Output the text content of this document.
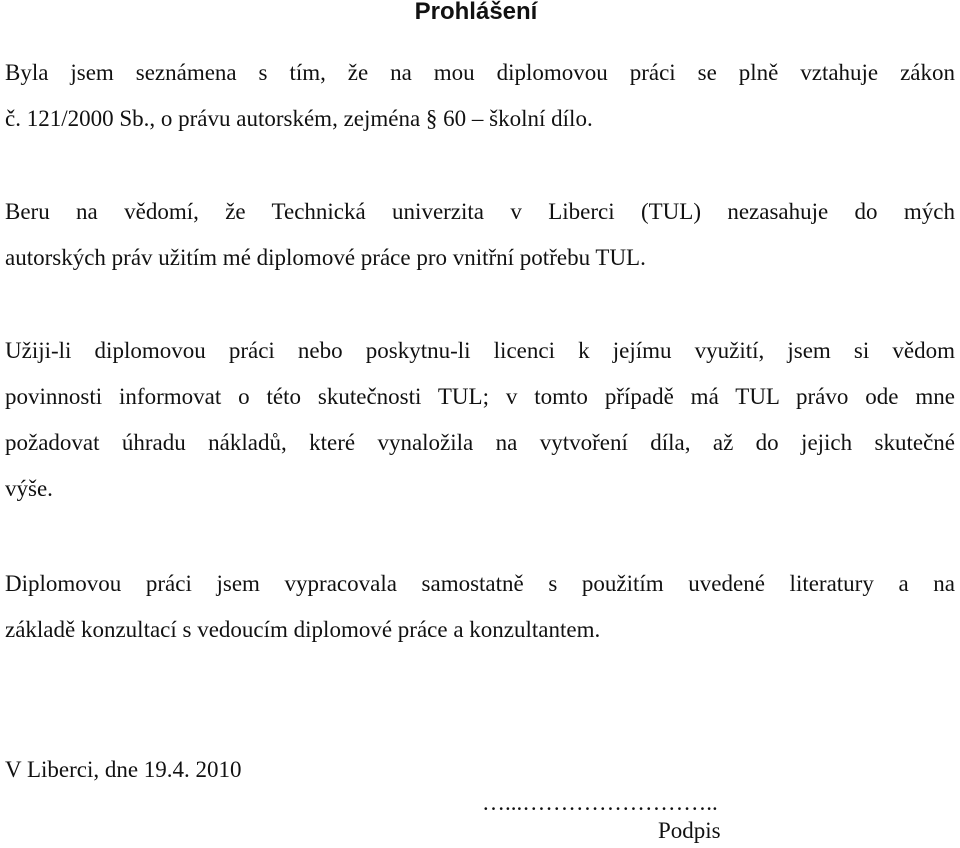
Prohlášení
Byla jsem seznámena s tím, že na mou diplomovou práci se plně vztahuje zákon
č. 121/2000 Sb., o právu autorském, zejména § 60 – školní dílo.
Beru na vědomí, že Technická univerzita v Liberci (TUL) nezasahuje do mých
autorských práv užitím mé diplomové práce pro vnitřní potřebu TUL.
Užiji-li diplomovou práci nebo poskytnu-li licenci k jejímu využití, jsem si vědom
povinnosti informovat o této skutečnosti TUL; v tomto případě má TUL právo ode mne
požadovat úhradu nákladů, které vynaložila na vytvoření díla, až do jejich skutečné
výše.
Diplomovou práci jsem vypracovala samostatně s použitím uvedené literatury a na
základě konzultací s vedoucím diplomové práce a konzultantem.
V Liberci, dne 19.4. 2010
…...……………………..
Podpis
